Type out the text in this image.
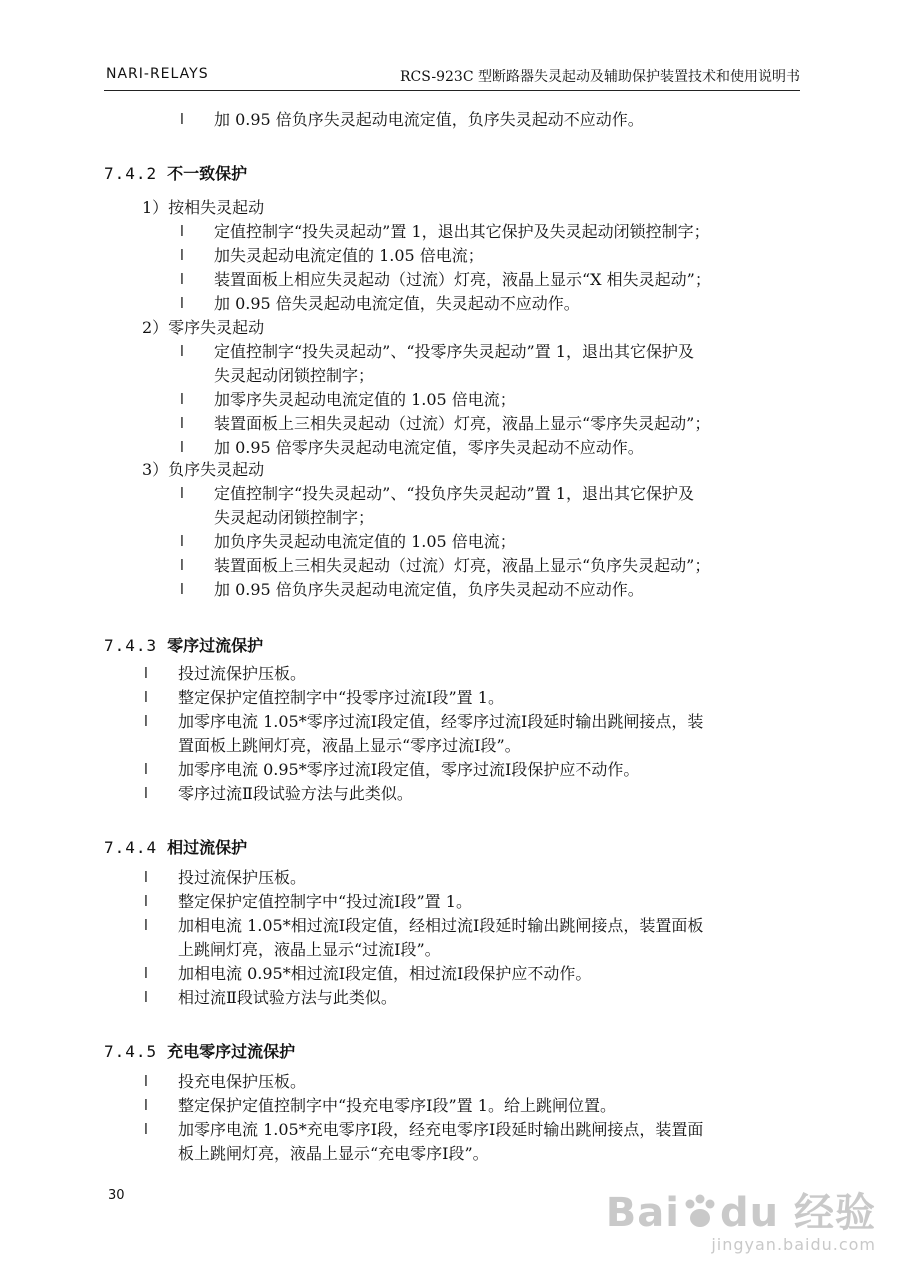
NARI-RELAYS	RCS-923C 型断路器失灵起动及辅助保护装置技术和使用说明书
l 加 0.95 倍负序失灵起动电流定值，负序失灵起动不应动作。
7.4.2 不一致保护
1）按相失灵起动
l 定值控制字“投失灵起动”置 1，退出其它保护及失灵起动闭锁控制字；
l 加失灵起动电流定值的 1.05 倍电流；
l 装置面板上相应失灵起动（过流）灯亮，液晶上显示“X 相失灵起动”；
l 加 0.95 倍失灵起动电流定值，失灵起动不应动作。
2）零序失灵起动
l 定值控制字“投失灵起动”、“投零序失灵起动”置 1，退出其它保护及
失灵起动闭锁控制字；
l 加零序失灵起动电流定值的 1.05 倍电流；
l 装置面板上三相失灵起动（过流）灯亮，液晶上显示“零序失灵起动”；
l 加 0.95 倍零序失灵起动电流定值，零序失灵起动不应动作。
3）负序失灵起动
l 定值控制字“投失灵起动”、“投负序失灵起动”置 1，退出其它保护及
失灵起动闭锁控制字；
l 加负序失灵起动电流定值的 1.05 倍电流；
l 装置面板上三相失灵起动（过流）灯亮，液晶上显示“负序失灵起动”；
l 加 0.95 倍负序失灵起动电流定值，负序失灵起动不应动作。
7.4.3 零序过流保护
l 投过流保护压板。
l 整定保护定值控制字中“投零序过流Ⅰ段”置 1。
l 加零序电流 1.05*零序过流Ⅰ段定值，经零序过流Ⅰ段延时输出跳闸接点，装
置面板上跳闸灯亮，液晶上显示“零序过流Ⅰ段”。
l 加零序电流 0.95*零序过流Ⅰ段定值，零序过流Ⅰ段保护应不动作。
l 零序过流Ⅱ段试验方法与此类似。
7.4.4 相过流保护
l 投过流保护压板。
l 整定保护定值控制字中“投过流Ⅰ段”置 1。
l 加相电流 1.05*相过流Ⅰ段定值，经相过流Ⅰ段延时输出跳闸接点，装置面板
上跳闸灯亮，液晶上显示“过流Ⅰ段”。
l 加相电流 0.95*相过流Ⅰ段定值，相过流Ⅰ段保护应不动作。
l 相过流Ⅱ段试验方法与此类似。
7.4.5 充电零序过流保护
l 投充电保护压板。
l 整定保护定值控制字中“投充电零序Ⅰ段”置 1。给上跳闸位置。
l 加零序电流 1.05*充电零序Ⅰ段，经充电零序Ⅰ段延时输出跳闸接点，装置面
板上跳闸灯亮，液晶上显示“充电零序Ⅰ段”。
30	Bai du 经验
jingyan.baidu.com
